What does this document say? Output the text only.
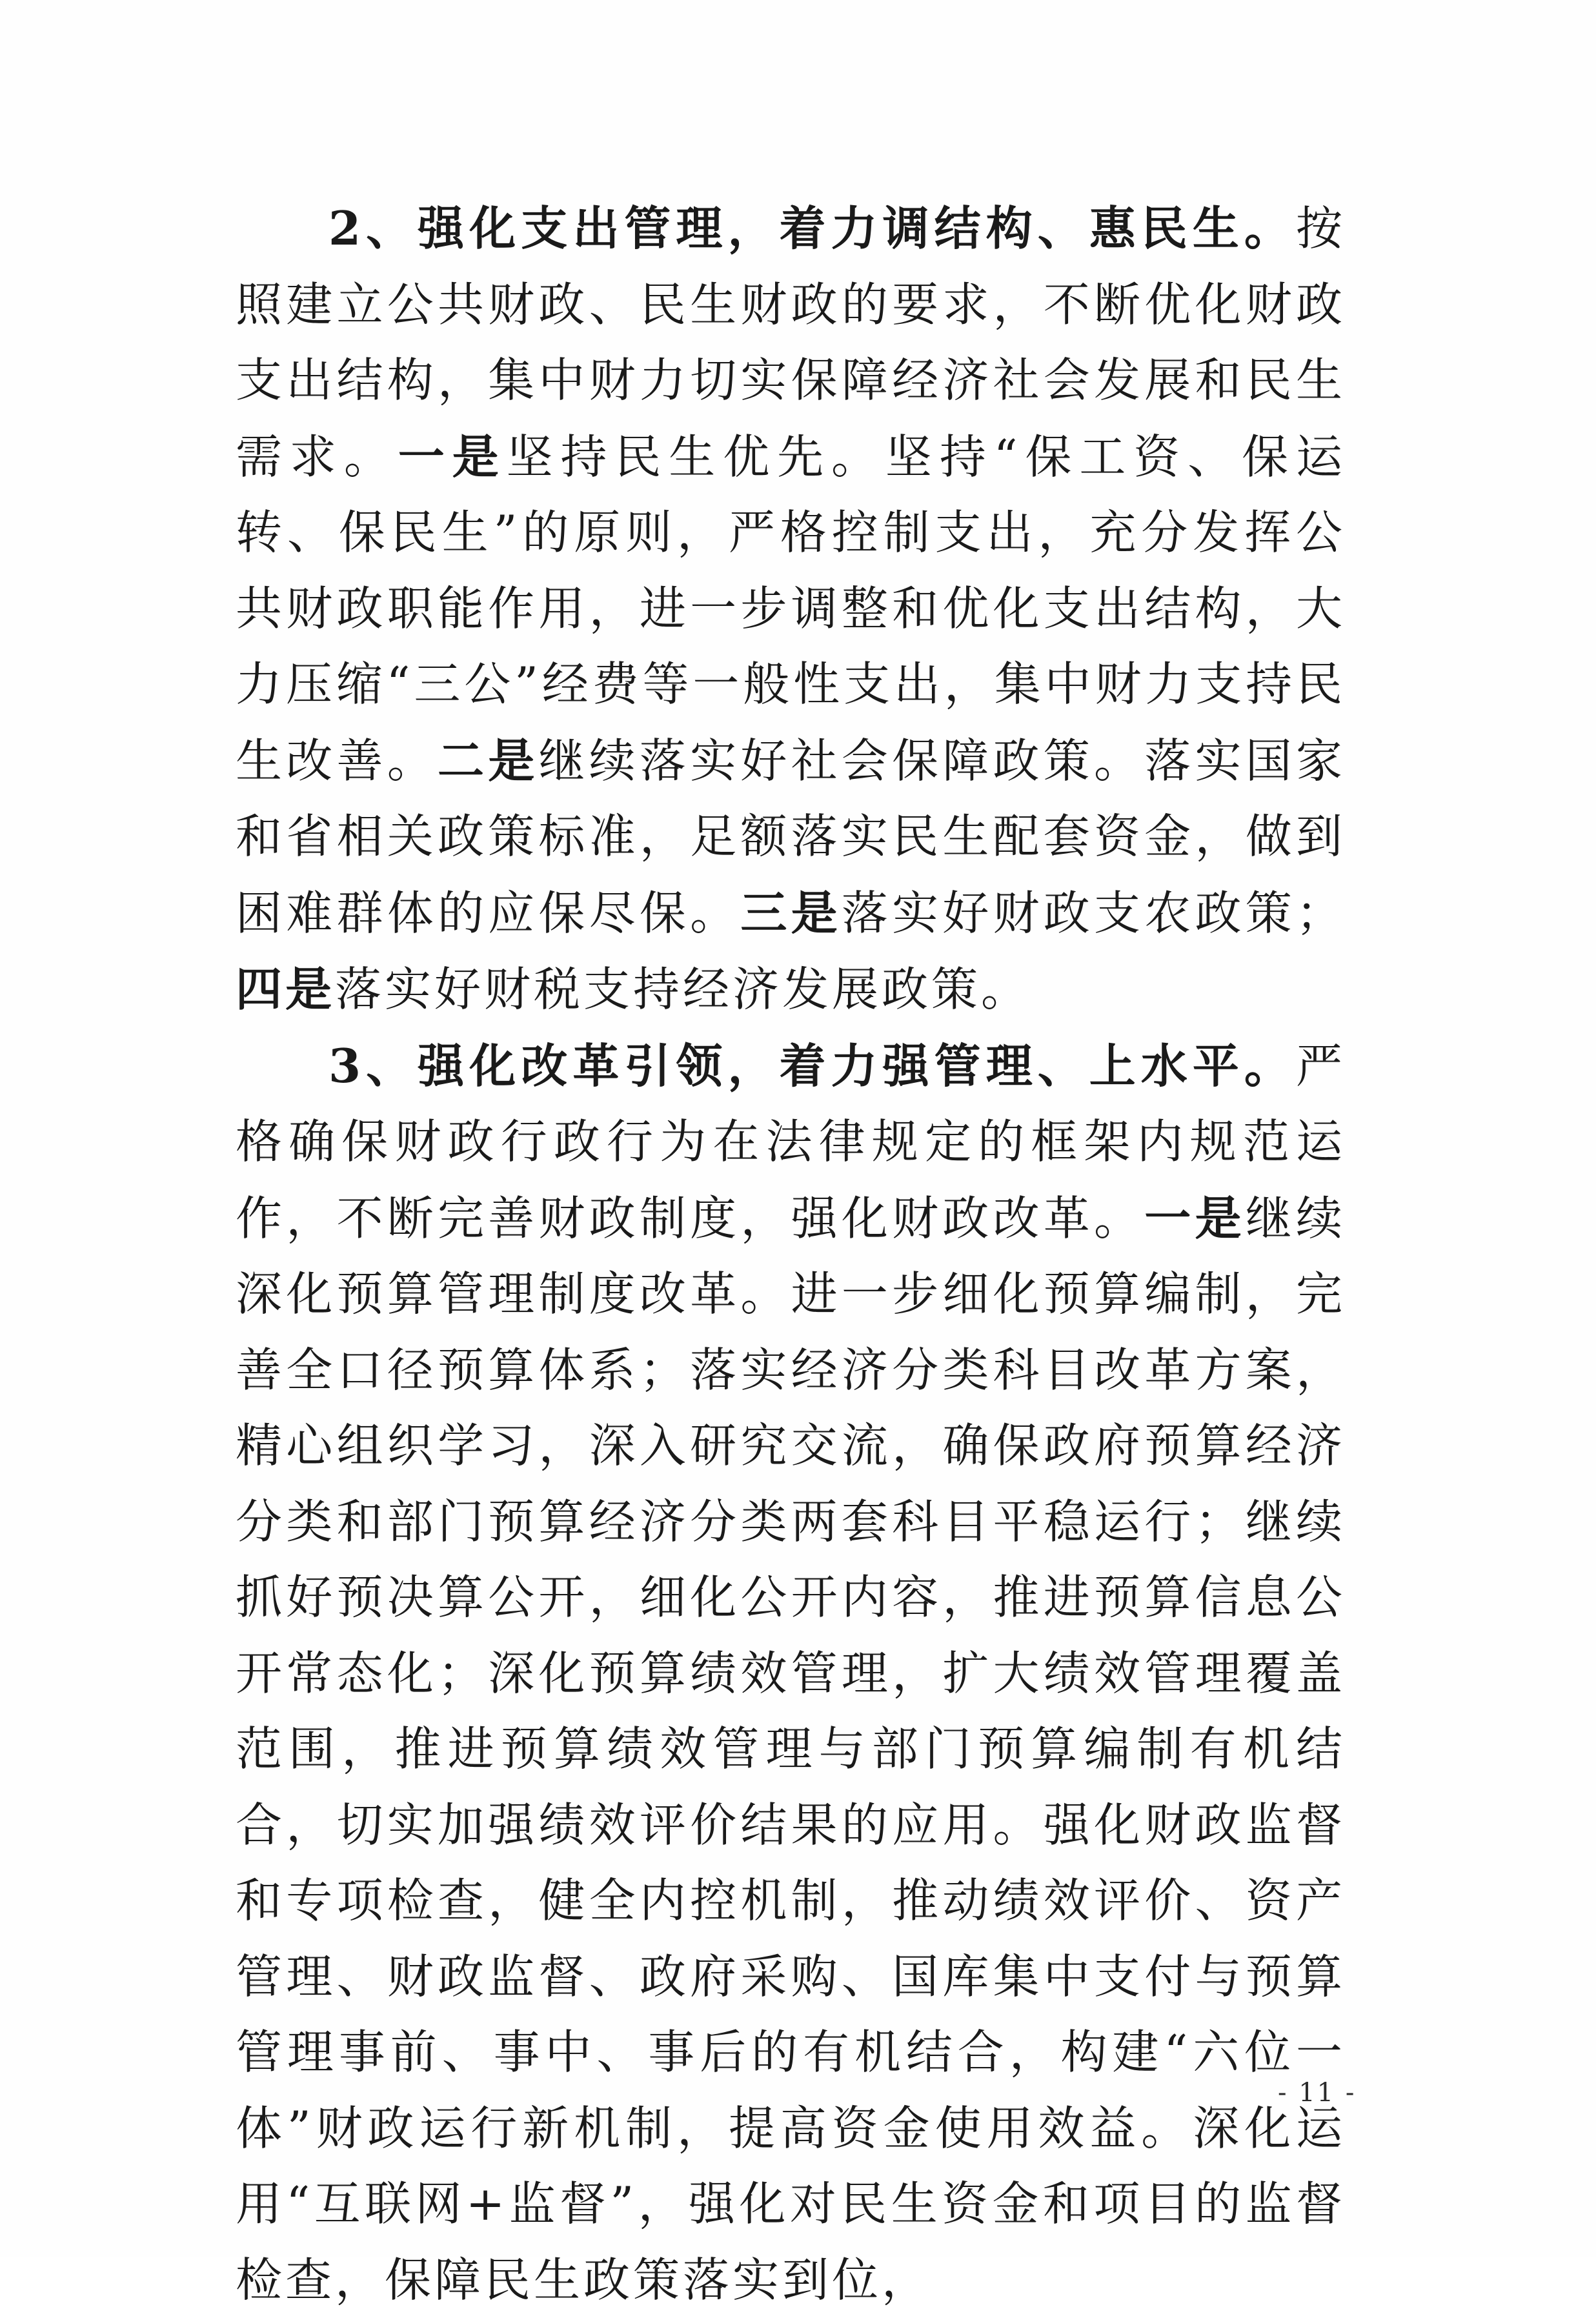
2、强化支出管理，着力调结构、惠民生。按照建立公共财政、民生财政的要求，不断优化财政支出结构，集中财力切实保障经济社会发展和民生需求。一是坚持民生优先。坚持“保工资、保运转、保民生”的原则，严格控制支出，充分发挥公共财政职能作用，进一步调整和优化支出结构，大力压缩“三公”经费等一般性支出，集中财力支持民生改善。二是继续落实好社会保障政策。落实国家和省相关政策标准，足额落实民生配套资金，做到困难群体的应保尽保。三是落实好财政支农政策；四是落实好财税支持经济发展政策。

3、强化改革引领，着力强管理、上水平。严格确保财政行政行为在法律规定的框架内规范运作，不断完善财政制度，强化财政改革。一是继续深化预算管理制度改革。进一步细化预算编制，完善全口径预算体系；落实经济分类科目改革方案，精心组织学习，深入研究交流，确保政府预算经济分类和部门预算经济分类两套科目平稳运行；继续抓好预决算公开，细化公开内容，推进预算信息公开常态化；深化预算绩效管理，扩大绩效管理覆盖范围，推进预算绩效管理与部门预算编制有机结合，切实加强绩效评价结果的应用。强化财政监督和专项检查，健全内控机制，推动绩效评价、资产管理、财政监督、政府采购、国库集中支付与预算管理事前、事中、事后的有机结合，构建“六位一体”财政运行新机制，提高资金使用效益。深化运用“互联网+监督”，强化对民生资金和项目的监督检查，保障民生政策落实到位，

- 11 -
